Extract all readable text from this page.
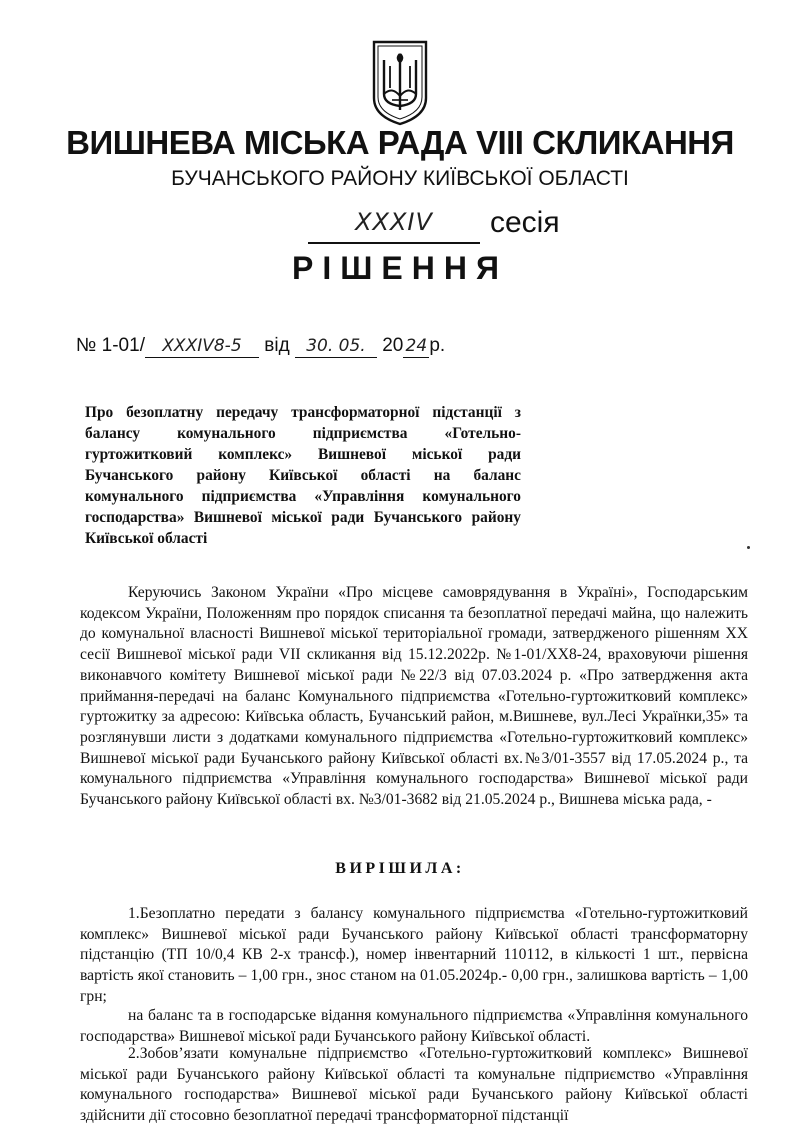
ВИШНЕВА МІСЬКА РАДА VIII СКЛИКАННЯ
БУЧАНСЬКОГО РАЙОНУ КИЇВСЬКОЇ ОБЛАСТІ
XXXIV	сесія
РІШЕННЯ
№ 1-01/ XXXIV8-5 від 30. 05. 20 24 р.
Про безоплатну передачу трансформаторної підстанції з балансу комунального підприємства «Готельно-гуртожитковий комплекс» Вишневої міської ради Бучанського району Київської області на баланс комунального підприємства «Управління комунального господарства» Вишневої міської ради Бучанського району Київської області
Керуючись Законом України «Про місцеве самоврядування в Україні», Господарським кодексом України, Положенням про порядок списання та безоплатної передачі майна, що належить до комунальної власності Вишневої міської територіальної громади, затвердженого рішенням XX сесії Вишневої міської ради VII скликання від 15.12.2022р. №1-01/XX8-24, враховуючи рішення виконавчого комітету Вишневої міської ради №22/3 від 07.03.2024 р. «Про затвердження акта приймання-передачі на баланс Комунального підприємства «Готельно-гуртожитковий комплекс» гуртожитку за адресою: Київська область, Бучанський район, м.Вишневе, вул.Лесі Українки,35» та розглянувши листи з додатками комунального підприємства «Готельно-гуртожитковий комплекс» Вишневої міської ради Бучанського району Київської області вх.№3/01-3557 від 17.05.2024 р., та комунального підприємства «Управління комунального господарства» Вишневої міської ради Бучанського району Київської області вх. №3/01-3682 від 21.05.2024 р., Вишнева міська рада, -
ВИРІШИЛА:
1.Безоплатно передати з балансу комунального підприємства «Готельно-гуртожитковий комплекс» Вишневої міської ради Бучанського району Київської області трансформаторну підстанцію (ТП 10/0,4 КВ 2-х трансф.), номер інвентарний 110112, в кількості 1 шт., первісна вартість якої становить – 1,00 грн., знос станом на 01.05.2024р.- 0,00 грн., залишкова вартість – 1,00 грн;
на баланс та в господарське відання комунального підприємства «Управління комунального господарства» Вишневої міської ради Бучанського району Київської області.
2.Зобов’язати комунальне підприємство «Готельно-гуртожитковий комплекс» Вишневої міської ради Бучанського району Київської області та комунальне підприємство «Управління комунального господарства» Вишневої міської ради Бучанського району Київської області здійснити дії стосовно безоплатної передачі трансформаторної підстанції
